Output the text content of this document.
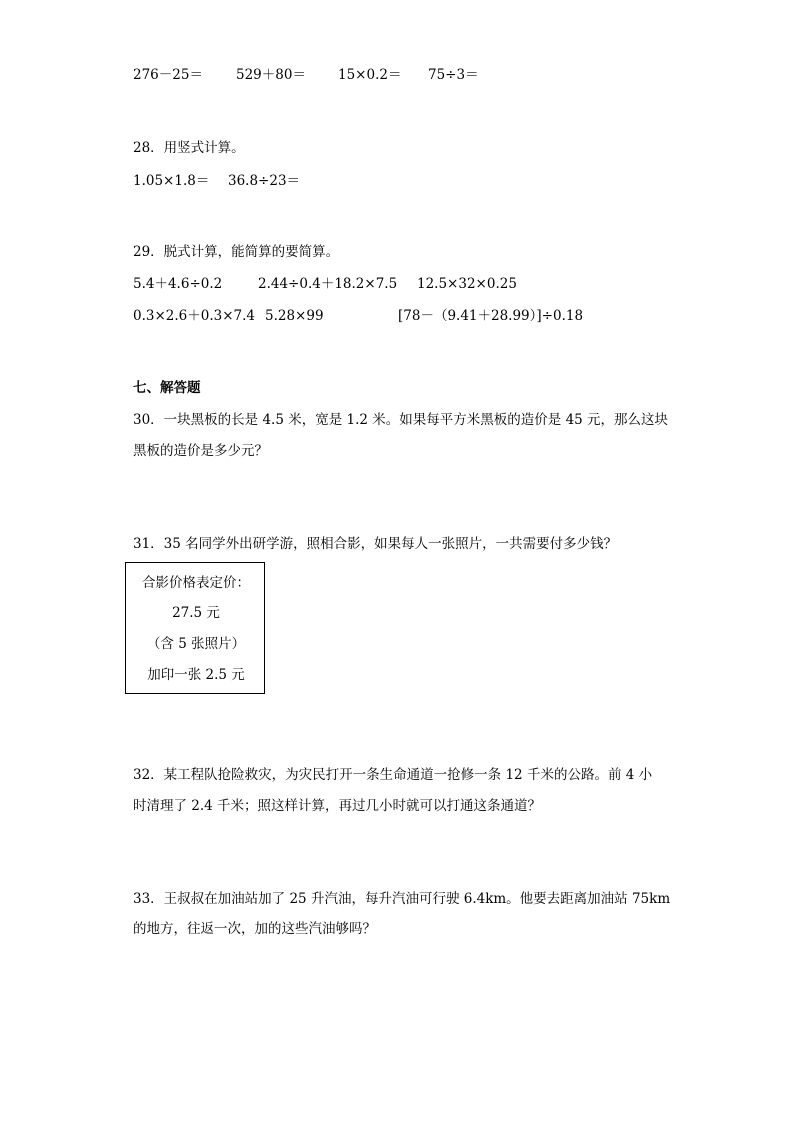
276－25＝ 529＋80＝ 15×0.2＝ 75÷3＝
28．用竖式计算。
1.05×1.8＝ 36.8÷23＝
29．脱式计算，能简算的要简算。
5.4＋4.6÷0.2	2.44÷0.4＋18.2×7.5 12.5×32×0.25
0.3×2.6＋0.3×7.4 5.28×99	[78－（9.41＋28.99）]÷0.18
七、解答题
30．一块黑板的长是 4.5 米，宽是 1.2 米。如果每平方米黑板的造价是 45 元，那么这块
黑板的造价是多少元？
31．35 名同学外出研学游，照相合影，如果每人一张照片，一共需要付多少钱？
合影价格表定价：
27.5 元
（含 5 张照片）
加印一张 2.5 元
32．某工程队抢险救灾，为灾民打开一条生命通道一抢修一条 12 千米的公路。前 4 小
时清理了 2.4 千米；照这样计算，再过几小时就可以打通这条通道？
33．王叔叔在加油站加了 25 升汽油，每升汽油可行驶 6.4km。他要去距离加油站 75km
的地方，往返一次，加的这些汽油够吗？
